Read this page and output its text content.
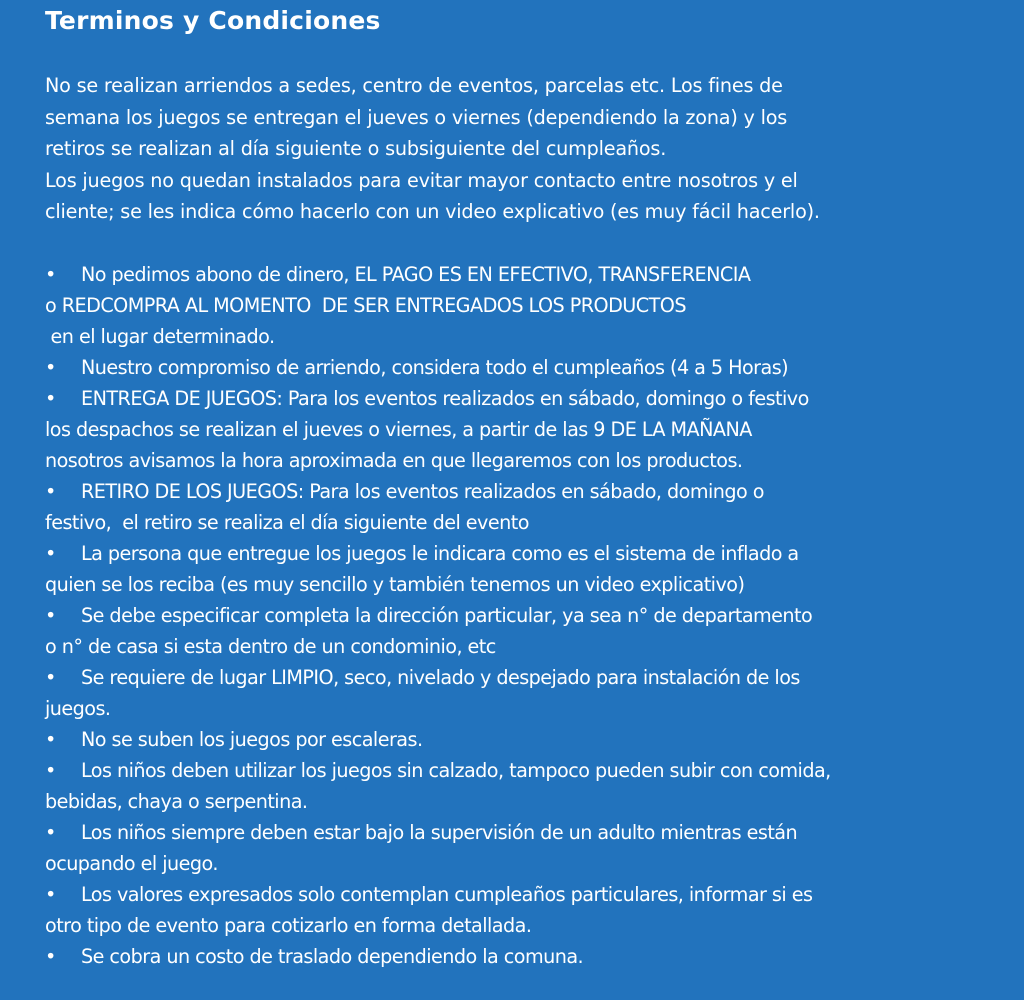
Terminos y Condiciones

No se realizan arriendos a sedes, centro de eventos, parcelas etc. Los fines de

semana los juegos se entregan el jueves o viernes (dependiendo la zona) y los

retiros se realizan al día siguiente o subsiguiente del cumpleaños.

Los juegos no quedan instalados para evitar mayor contacto entre nosotros y el

cliente; se les indica cómo hacerlo con un video explicativo (es muy fácil hacerlo).

• No pedimos abono de dinero, EL PAGO ES EN EFECTIVO, TRANSFERENCIA
o REDCOMPRA AL MOMENTO  DE SER ENTREGADOS LOS PRODUCTOS
en el lugar determinado.
• Nuestro compromiso de arriendo, considera todo el cumpleaños (4 a 5 Horas)
• ENTREGA DE JUEGOS: Para los eventos realizados en sábado, domingo o festivo
los despachos se realizan el jueves o viernes, a partir de las 9 DE LA MAÑANA
nosotros avisamos la hora aproximada en que llegaremos con los productos.
• RETIRO DE LOS JUEGOS: Para los eventos realizados en sábado, domingo o
festivo,  el retiro se realiza el día siguiente del evento
• La persona que entregue los juegos le indicara como es el sistema de inflado a
quien se los reciba (es muy sencillo y también tenemos un video explicativo)
• Se debe especificar completa la dirección particular, ya sea n° de departamento
o n° de casa si esta dentro de un condominio, etc
• Se requiere de lugar LIMPIO, seco, nivelado y despejado para instalación de los
juegos.
• No se suben los juegos por escaleras.
• Los niños deben utilizar los juegos sin calzado, tampoco pueden subir con comida,
bebidas, chaya o serpentina.
• Los niños siempre deben estar bajo la supervisión de un adulto mientras están
ocupando el juego.
• Los valores expresados solo contemplan cumpleaños particulares, informar si es
otro tipo de evento para cotizarlo en forma detallada.
• Se cobra un costo de traslado dependiendo la comuna.
